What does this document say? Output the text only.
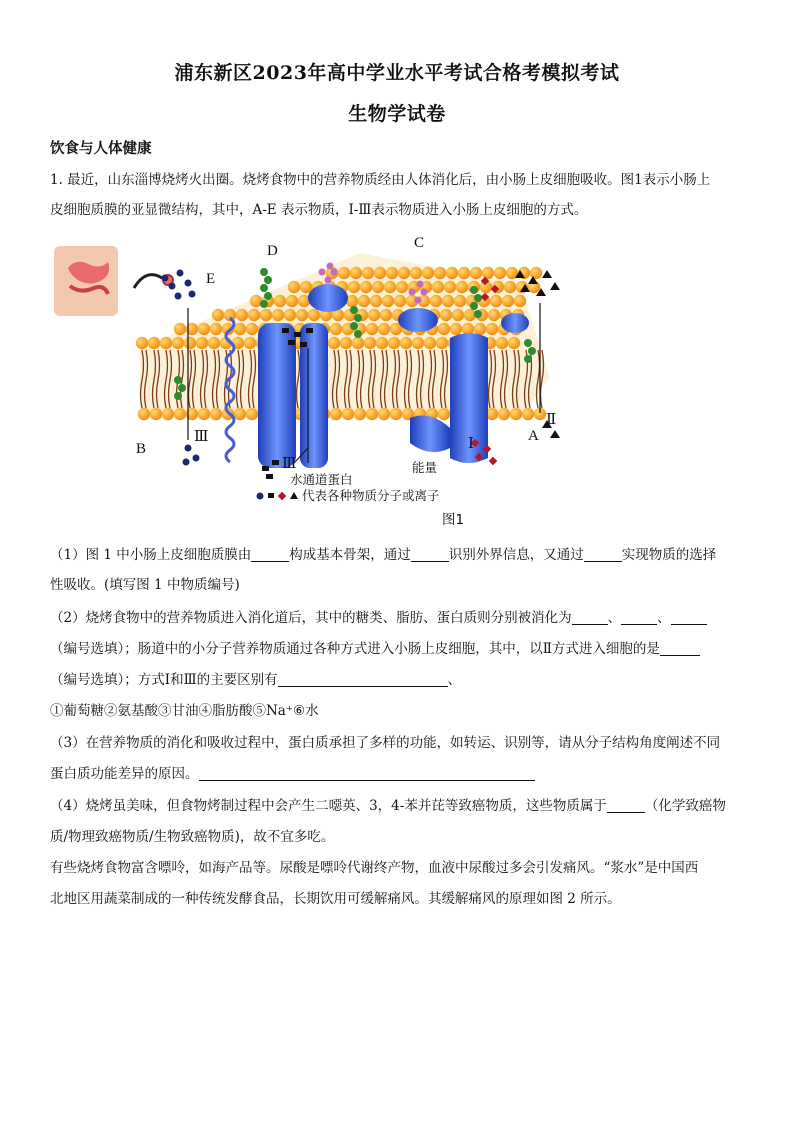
浦东新区2023年高中学业水平考试合格考模拟考试
生物学试卷
饮食与人体健康
1. 最近，山东淄博烧烤火出圈。烧烤食物中的营养物质经由人体消化后，由小肠上皮细胞吸收。图1表示小肠上
皮细胞质膜的亚显微结构，其中，A-E 表示物质，Ⅰ-Ⅲ表示物质进入小肠上皮细胞的方式。
D	C
E
B
Ⅲ
Ⅲ
Ⅰ	A
Ⅱ
水通道蛋白
能量
代表各种物质分子或离子
图1
（1）图 1 中小肠上皮细胞质膜由	构成基本骨架，通过	识别外界信息，又通过	实现物质的选择
性吸收。(填写图 1 中物质编号)
（2）烧烤食物中的营养物质进入消化道后，其中的糖类、脂肪、蛋白质则分别被消化为	、	、
（编号选填）；肠道中的小分子营养物质通过各种方式进入小肠上皮细胞，其中，以Ⅱ方式进入细胞的是
（编号选填）；方式Ⅰ和Ⅲ的主要区别有	、
①葡萄糖②氨基酸③甘油④脂肪酸⑤Na⁺⑥水
（3）在营养物质的消化和吸收过程中，蛋白质承担了多样的功能，如转运、识别等，请从分子结构角度阐述不同
蛋白质功能差异的原因。
（4）烧烤虽美味，但食物烤制过程中会产生二噁英、3，4-苯并芘等致癌物质，这些物质属于	（化学致癌物
质/物理致癌物质/生物致癌物质)，故不宜多吃。
有些烧烤食物富含嘌呤，如海产品等。尿酸是嘌呤代谢终产物，血液中尿酸过多会引发痛风。“浆水”是中国西
北地区用蔬菜制成的一种传统发酵食品，长期饮用可缓解痛风。其缓解痛风的原理如图 2 所示。
